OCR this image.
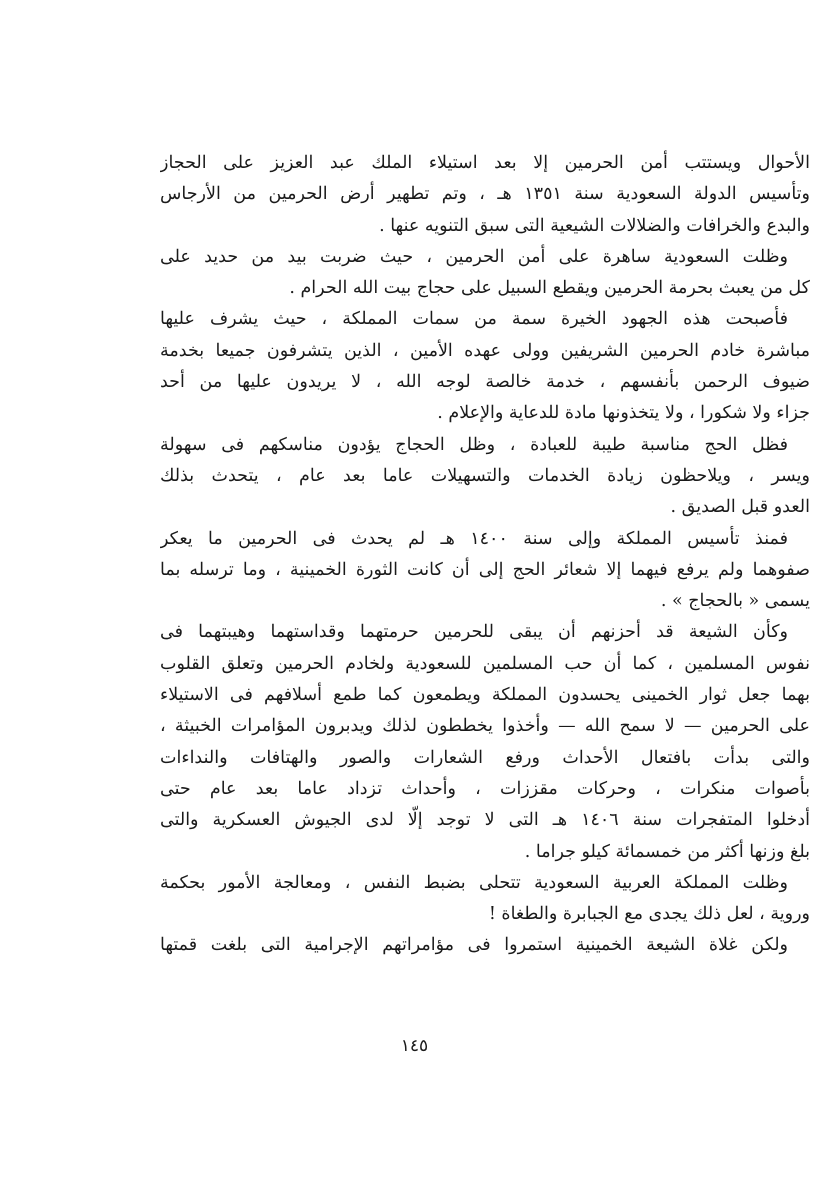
الأحوال ويستتب أمن الحرمين إلا بعد استيلاء الملك عبد العزيز على الحجاز
وتأسيس الدولة السعودية سنة ١٣٥١ هـ ، وتم تطهير أرض الحرمين من الأرجاس
والبدع والخرافات والضلالات الشيعية التى سبق التنويه عنها .
وظلت السعودية ساهرة على أمن الحرمين ، حيث ضربت بيد من حديد على
كل من يعبث بحرمة الحرمين ويقطع السبيل على حجاج بيت الله الحرام .
فأصبحت هذه الجهود الخيرة سمة من سمات المملكة ، حيث يشرف عليها
مباشرة خادم الحرمين الشريفين وولى عهده الأمين ، الذين يتشرفون جميعا بخدمة
ضيوف الرحمن بأنفسهم ، خدمة خالصة لوجه الله ، لا يريدون عليها من أحد
جزاء ولا شكورا ، ولا يتخذونها مادة للدعاية والإعلام .
فظل الحج مناسبة طيبة للعبادة ، وظل الحجاج يؤدون مناسكهم فى سهولة
ويسر ، ويلاحظون زيادة الخدمات والتسهيلات عاما بعد عام ، يتحدث بذلك
العدو قبل الصديق .
فمنذ تأسيس المملكة وإلى سنة ١٤٠٠ هـ لم يحدث فى الحرمين ما يعكر
صفوهما ولم يرفع فيهما إلا شعائر الحج إلى أن كانت الثورة الخمينية ، وما ترسله بما
يسمى « بالحجاج » .
وكأن الشيعة قد أحزنهم أن يبقى للحرمين حرمتهما وقداستهما وهيبتهما فى
نفوس المسلمين ، كما أن حب المسلمين للسعودية ولخادم الحرمين وتعلق القلوب
بهما جعل ثوار الخمينى يحسدون المملكة ويطمعون كما طمع أسلافهم فى الاستيلاء
على الحرمين — لا سمح الله — وأخذوا يخططون لذلك ويدبرون المؤامرات الخبيثة ،
والتى بدأت بافتعال الأحداث ورفع الشعارات والصور والهتافات والنداءات
بأصوات منكرات ، وحركات مقززات ، وأحداث تزداد عاما بعد عام حتى
أدخلوا المتفجرات سنة ١٤٠٦ هـ التى لا توجد إلّا لدى الجيوش العسكرية والتى
بلغ وزنها أكثر من خمسمائة كيلو جراما .
وظلت المملكة العربية السعودية تتحلى بضبط النفس ، ومعالجة الأمور بحكمة
وروية ، لعل ذلك يجدى مع الجبابرة والطغاة !
ولكن غلاة الشيعة الخمينية استمروا فى مؤامراتهم الإجرامية التى بلغت قمتها
١٤٥
